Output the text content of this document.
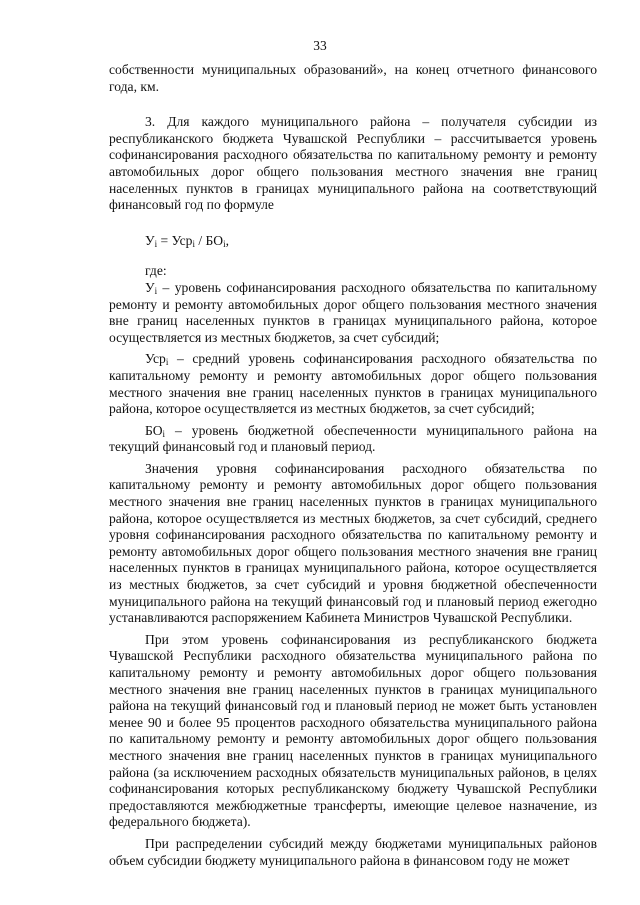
33

собственности муниципальных образований», на конец отчетного финансового года, км.

3. Для каждого муниципального района – получателя субсидии из республиканского бюджета Чувашской Республики – рассчитывается уровень софинансирования расходного обязательства по капитальному ремонту и ремонту автомобильных дорог общего пользования местного значения вне границ населенных пунктов в границах муниципального района на соответствующий финансовый год по формуле

$У_i = Уср_i / БО_i$,

где:

$У_i$ – уровень софинансирования расходного обязательства по капитальному ремонту и ремонту автомобильных дорог общего пользования местного значения вне границ населенных пунктов в границах муниципального района, которое осуществляется из местных бюджетов, за счет субсидий;

Уср$_i$ – средний уровень софинансирования расходного обязательства по капитальному ремонту и ремонту автомобильных дорог общего пользования местного значения вне границ населенных пунктов в границах муниципального района, которое осуществляется из местных бюджетов, за счет субсидий;

$БО_i$ – уровень бюджетной обеспеченности муниципального района на текущий финансовый год и плановый период.

Значения уровня софинансирования расходного обязательства по капитальному ремонту и ремонту автомобильных дорог общего пользования местного значения вне границ населенных пунктов в границах муниципального района, которое осуществляется из местных бюджетов, за счет субсидий, среднего уровня софинансирования расходного обязательства по капитальному ремонту и ремонту автомобильных дорог общего пользования местного значения вне границ населенных пунктов в границах муниципального района, которое осуществляется из местных бюджетов, за счет субсидий и уровня бюджетной обеспеченности муниципального района на текущий финансовый год и плановый период ежегодно устанавливаются распоряжением Кабинета Министров Чувашской Республики.

При этом уровень софинансирования из республиканского бюджета Чувашской Республики расходного обязательства муниципального района по капитальному ремонту и ремонту автомобильных дорог общего пользования местного значения вне границ населенных пунктов в границах муниципального района на текущий финансовый год и плановый период не может быть установлен менее 90 и более 95 процентов расходного обязательства муниципального района по капитальному ремонту и ремонту автомобильных дорог общего пользования местного значения вне границ населенных пунктов в границах муниципального района (за исключением расходных обязательств муниципальных районов, в целях софинансирования которых республиканскому бюджету Чувашской Республики предоставляются межбюджетные трансферты, имеющие целевое назначение, из федерального бюджета).

При распределении субсидий между бюджетами муниципальных районов объем субсидии бюджету муниципального района в финансовом году не может
